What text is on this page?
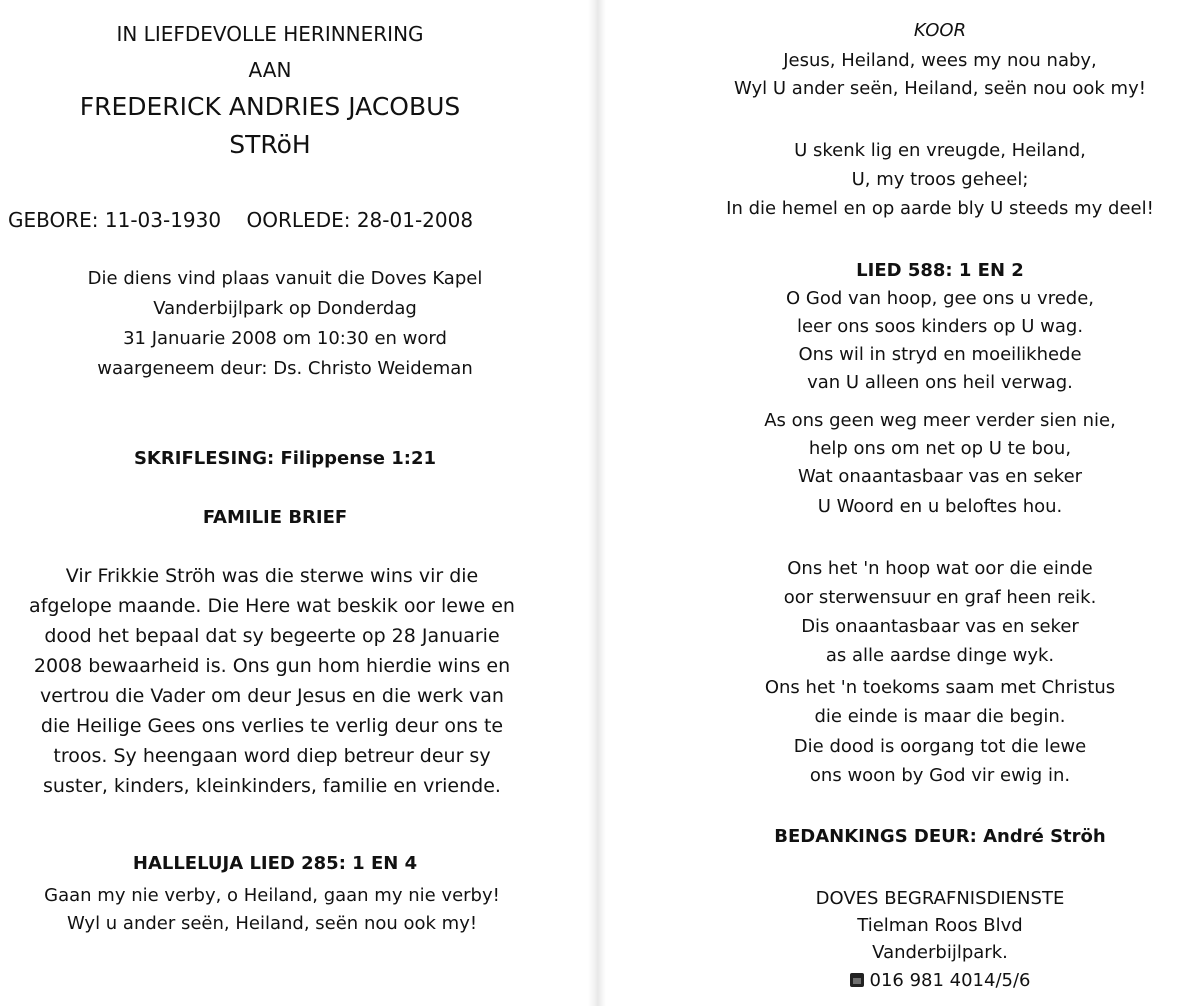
IN LIEFDEVOLLE HERINNERING
AAN
FREDERICK ANDRIES JACOBUS
STRöH
GEBORE: 11-03-1930    OORLEDE: 28-01-2008
Die diens vind plaas vanuit die Doves Kapel
Vanderbijlpark op Donderdag
31 Januarie 2008 om 10:30 en word
waargeneem deur: Ds. Christo Weideman
SKRIFLESING: Filippense 1:21
FAMILIE BRIEF
Vir Frikkie Ströh was die sterwe wins vir die
afgelope maande. Die Here wat beskik oor lewe en
dood het bepaal dat sy begeerte op 28 Januarie
2008 bewaarheid is. Ons gun hom hierdie wins en
vertrou die Vader om deur Jesus en die werk van
die Heilige Gees ons verlies te verlig deur ons te
troos. Sy heengaan word diep betreur deur sy
suster, kinders, kleinkinders, familie en vriende.
HALLELUJA LIED 285: 1 EN 4
Gaan my nie verby, o Heiland, gaan my nie verby!
Wyl u ander seën, Heiland, seën nou ook my!
KOOR
Jesus, Heiland, wees my nou naby,
Wyl U ander seën, Heiland, seën nou ook my!
U skenk lig en vreugde, Heiland,
U, my troos geheel;
In die hemel en op aarde bly U steeds my deel!
LIED 588: 1 EN 2
O God van hoop, gee ons u vrede,
leer ons soos kinders op U wag.
Ons wil in stryd en moeilikhede
van U alleen ons heil verwag.
As ons geen weg meer verder sien nie,
help ons om net op U te bou,
Wat onaantasbaar vas en seker
U Woord en u beloftes hou.
Ons het 'n hoop wat oor die einde
oor sterwensuur en graf heen reik.
Dis onaantasbaar vas en seker
as alle aardse dinge wyk.
Ons het 'n toekoms saam met Christus
die einde is maar die begin.
Die dood is oorgang tot die lewe
ons woon by God vir ewig in.
BEDANKINGS DEUR: André Ströh
DOVES BEGRAFNISDIENSTE
Tielman Roos Blvd
Vanderbijlpark.
016 981 4014/5/6
